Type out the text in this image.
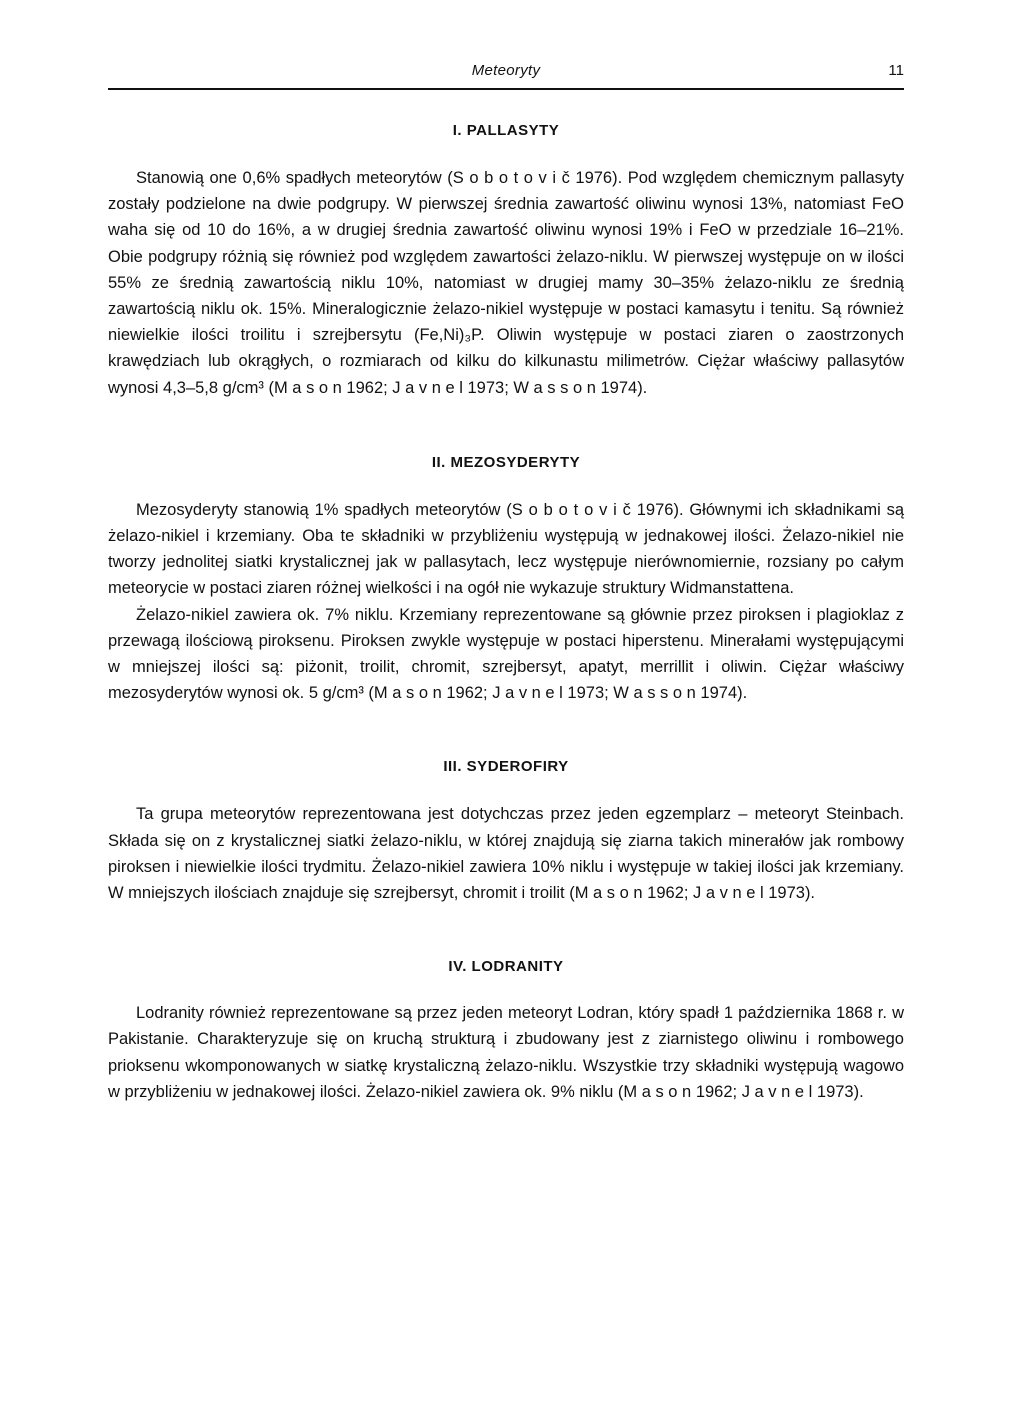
Meteoryty	11
I. PALLASYTY

Stanowią one 0,6% spadłych meteorytów (S o b o t o v i č 1976). Pod względem chemicznym pallasyty zostały podzielone na dwie podgrupy. W pierwszej średnia zawartość oliwinu wynosi 13%, natomiast FeO waha się od 10 do 16%, a w drugiej średnia zawartość oliwinu wynosi 19% i FeO w przedziale 16–21%. Obie podgrupy różnią się również pod względem zawartości żelazo-niklu. W pierwszej występuje on w ilości 55% ze średnią zawartością niklu 10%, natomiast w drugiej mamy 30–35% żelazo-niklu ze średnią zawartością niklu ok. 15%. Mineralogicznie żelazo-nikiel występuje w postaci kamasytu i tenitu. Są również niewielkie ilości troilitu i szrejbersytu (Fe,Ni)₃P. Oliwin występuje w postaci ziaren o zaostrzonych krawędziach lub okrągłych, o rozmiarach od kilku do kilkunastu milimetrów. Ciężar właściwy pallasytów wynosi 4,3–5,8 g/cm³ (M a s o n 1962; J a v n e l 1973; W a s s o n 1974).

II. MEZOSYDERYTY

Mezosyderyty stanowią 1% spadłych meteorytów (S o b o t o v i č 1976). Głównymi ich składnikami są żelazo-nikiel i krzemiany. Oba te składniki w przybliżeniu występują w jednakowej ilości. Żelazo-nikiel nie tworzy jednolitej siatki krystalicznej jak w pallasytach, lecz występuje nierównomiernie, rozsiany po całym meteorycie w postaci ziaren różnej wielkości i na ogół nie wykazuje struktury Widmanstattena.

Żelazo-nikiel zawiera ok. 7% niklu. Krzemiany reprezentowane są głównie przez piroksen i plagioklaz z przewagą ilościową piroksenu. Piroksen zwykle występuje w postaci hiperstenu. Minerałami występującymi w mniejszej ilości są: piżonit, troilit, chromit, szrejbersyt, apatyt, merrillit i oliwin. Ciężar właściwy mezosyderytów wynosi ok. 5 g/cm³ (M a s o n 1962; J a v n e l 1973; W a s s o n 1974).

III. SYDEROFIRY

Ta grupa meteorytów reprezentowana jest dotychczas przez jeden egzemplarz – meteoryt Steinbach. Składa się on z krystalicznej siatki żelazo-niklu, w której znajdują się ziarna takich minerałów jak rombowy piroksen i niewielkie ilości trydmitu. Żelazo-nikiel zawiera 10% niklu i występuje w takiej ilości jak krzemiany. W mniejszych ilościach znajduje się szrejbersyt, chromit i troilit (M a s o n 1962; J a v n e l 1973).

IV. LODRANITY

Lodranity również reprezentowane są przez jeden meteoryt Lodran, który spadł 1 października 1868 r. w Pakistanie. Charakteryzuje się on kruchą strukturą i zbudowany jest z ziarnistego oliwinu i rombowego prioksenu wkomponowanych w siatkę krystaliczną żelazo-niklu. Wszystkie trzy składniki występują wagowo w przybliżeniu w jednakowej ilości. Żelazo-nikiel zawiera ok. 9% niklu (M a s o n 1962; J a v n e l 1973).
